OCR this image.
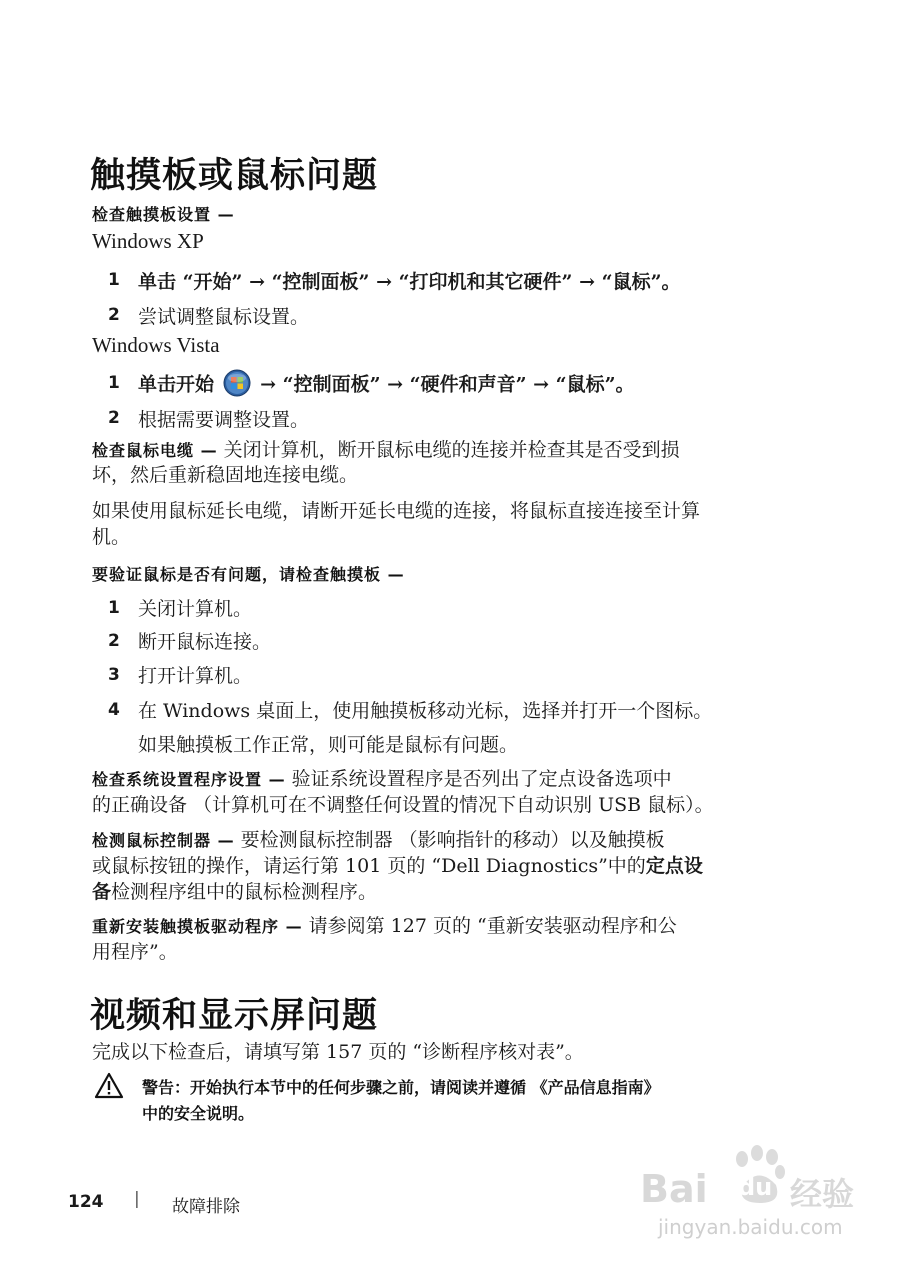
触摸板或鼠标问题
检查触摸板设置 —
Windows XP
1 单击 “开始” → “控制面板” → “打印机和其它硬件” → “鼠标”。
2 尝试调整鼠标设置。
Windows Vista
1 单击开始  → “控制面板” → “硬件和声音” → “鼠标”。
2 根据需要调整设置。
检查鼠标电缆 — 关闭计算机，断开鼠标电缆的连接并检查其是否受到损
坏，然后重新稳固地连接电缆。
如果使用鼠标延长电缆，请断开延长电缆的连接，将鼠标直接连接至计算
机。
要验证鼠标是否有问题，请检查触摸板 —
1 关闭计算机。
2 断开鼠标连接。
3 打开计算机。
4 在 Windows 桌面上，使用触摸板移动光标，选择并打开一个图标。
如果触摸板工作正常，则可能是鼠标有问题。
检查系统设置程序设置 — 验证系统设置程序是否列出了定点设备选项中
的正确设备 （计算机可在不调整任何设置的情况下自动识别 USB 鼠标）。
检测鼠标控制器 — 要检测鼠标控制器 （影响指针的移动）以及触摸板
或鼠标按钮的操作，请运行第 101 页的 “Dell Diagnostics”中的定点设
备检测程序组中的鼠标检测程序。
重新安装触摸板驱动程序 — 请参阅第 127 页的 “重新安装驱动程序和公
用程序”。
视频和显示屏问题
完成以下检查后，请填写第 157 页的 “诊断程序核对表”。
警告：开始执行本节中的任何步骤之前，请阅读并遵循 《产品信息指南》
中的安全说明。
124 | 故障排除	Bai du 经验
jingyan.baidu.com
